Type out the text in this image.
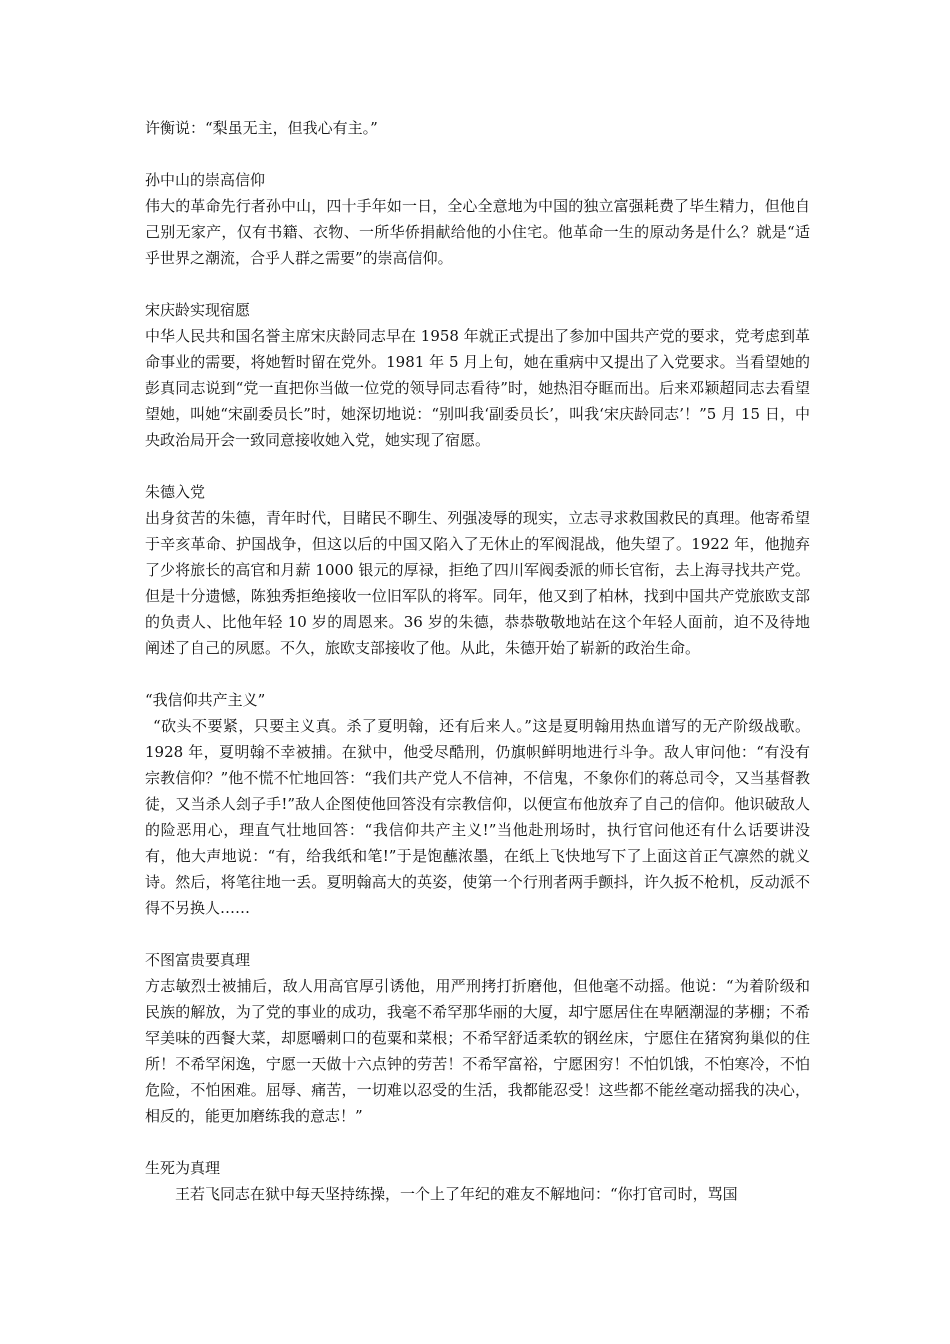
许衡说：“梨虽无主，但我心有主。”

孙中山的崇高信仰

伟大的革命先行者孙中山，四十手年如一日，全心全意地为中国的独立富强耗费了毕生精力，但他自己别无家产，仅有书籍、衣物、一所华侨捐献给他的小住宅。他革命一生的原动务是什么？就是“适乎世界之潮流，合乎人群之需要”的崇高信仰。

宋庆龄实现宿愿

中华人民共和国名誉主席宋庆龄同志早在 1958 年就正式提出了参加中国共产党的要求，党考虑到革命事业的需要，将她暂时留在党外。1981 年 5 月上旬，她在重病中又提出了入党要求。当看望她的彭真同志说到“党一直把你当做一位党的领导同志看待”时，她热泪夺眶而出。后来邓颖超同志去看望望她，叫她“宋副委员长”时，她深切地说：“别叫我‘副委员长’，叫我‘宋庆龄同志’！”5 月 15 日，中央政治局开会一致同意接收她入党，她实现了宿愿。

朱德入党

出身贫苦的朱德，青年时代，目睹民不聊生、列强凌辱的现实，立志寻求救国救民的真理。他寄希望于辛亥革命、护国战争，但这以后的中国又陷入了无休止的军阀混战，他失望了。1922 年，他抛弃了少将旅长的高官和月薪 1000 银元的厚禄，拒绝了四川军阀委派的师长官衔，去上海寻找共产党。但是十分遗憾，陈独秀拒绝接收一位旧军队的将军。同年，他又到了柏林，找到中国共产党旅欧支部的负责人、比他年轻 10 岁的周恩来。36 岁的朱德，恭恭敬敬地站在这个年轻人面前，迫不及待地阐述了自己的夙愿。不久，旅欧支部接收了他。从此，朱德开始了崭新的政治生命。

“我信仰共产主义”

“砍头不要紧，只要主义真。杀了夏明翰，还有后来人。”这是夏明翰用热血谱写的无产阶级战歌。1928 年，夏明翰不幸被捕。在狱中，他受尽酷刑，仍旗帜鲜明地进行斗争。敌人审问他：“有没有宗教信仰？”他不慌不忙地回答：“我们共产党人不信神，不信鬼，不象你们的蒋总司令，又当基督教徒，又当杀人刽子手!”敌人企图使他回答没有宗教信仰，以便宣布他放弃了自己的信仰。他识破敌人的险恶用心，理直气壮地回答：“我信仰共产主义!”当他赴刑场时，执行官问他还有什么话要讲没有，他大声地说：“有，给我纸和笔!”于是饱蘸浓墨，在纸上飞快地写下了上面这首正气凛然的就义诗。然后，将笔往地一丢。夏明翰高大的英姿，使第一个行刑者两手颤抖，许久扳不枪机，反动派不得不另换人……

不图富贵要真理

方志敏烈士被捕后，敌人用高官厚引诱他，用严刑拷打折磨他，但他毫不动摇。他说：“为着阶级和民族的解放，为了党的事业的成功，我毫不希罕那华丽的大厦，却宁愿居住在卑陋潮湿的茅棚；不希罕美味的西餐大菜，却愿嚼刺口的苞粟和菜根；不希罕舒适柔软的钢丝床，宁愿住在猪窝狗巢似的住所！不希罕闲逸，宁愿一天做十六点钟的劳苦！不希罕富裕，宁愿困穷！不怕饥饿，不怕寒冷，不怕危险，不怕困难。屈辱、痛苦，一切难以忍受的生活，我都能忍受！这些都不能丝毫动摇我的决心，相反的，能更加磨练我的意志！”

生死为真理

王若飞同志在狱中每天坚持练操，一个上了年纪的难友不解地问：“你打官司时，骂国
